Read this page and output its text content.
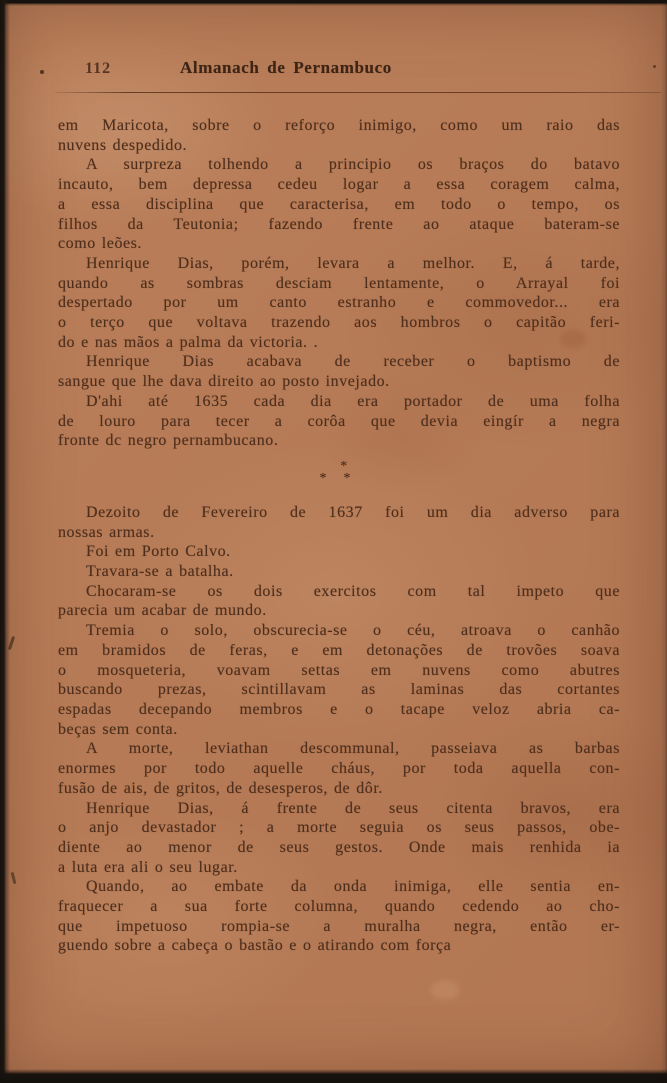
112	Almanach de Pernambuco
em Maricota, sobre o reforço inimigo, como um raio das
nuvens despedido.
A surpreza tolhendo a principio os braços do batavo
incauto, bem depressa cedeu logar a essa coragem calma,
a essa disciplina que caracterisa, em todo o tempo, os
filhos da Teutonia; fazendo frente ao ataque bateram-se
como leões.
Henrique Dias, porém, levara a melhor. E, á tarde,
quando as sombras desciam lentamente, o Arrayal foi
despertado por um canto estranho e commovedor... era
o terço que voltava trazendo aos hombros o capitão feri-
do e nas mãos a palma da victoria. .
Henrique Dias acabava de receber o baptismo de
sangue que lhe dava direito ao posto invejado.
D'ahi até 1635 cada dia era portador de uma folha
de louro para tecer a corôa que devia eingír a negra
fronte dc negro pernambucano.
*
* *
Dezoito de Fevereiro de 1637 foi um dia adverso para
nossas armas.
Foi em Porto Calvo.
Travara-se a batalha.
Chocaram-se os dois exercitos com tal impeto que
parecia um acabar de mundo.
Tremia o solo, obscurecia-se o céu, atroava o canhão
em bramidos de feras, e em detonações de trovões soava
o mosqueteria, voavam settas em nuvens como abutres
buscando prezas, scintillavam as laminas das cortantes
espadas decepando membros e o tacape veloz abria ca-
beças sem conta.
A morte, leviathan descommunal, passeiava as barbas
enormes por todo aquelle cháus, por toda aquella con-
fusão de ais, de gritos, de desesperos, de dôr.
Henrique Dias, á frente de seus citenta bravos, era
o anjo devastador ; a morte seguia os seus passos, obe-
diente ao menor de seus gestos. Onde mais renhida ia
a luta era ali o seu lugar.
Quando, ao embate da onda inimiga, elle sentia en-
fraquecer a sua forte columna, quando cedendo ao cho-
que impetuoso rompia-se a muralha negra, então er-
guendo sobre a cabeça o bastão e o atirando com força
